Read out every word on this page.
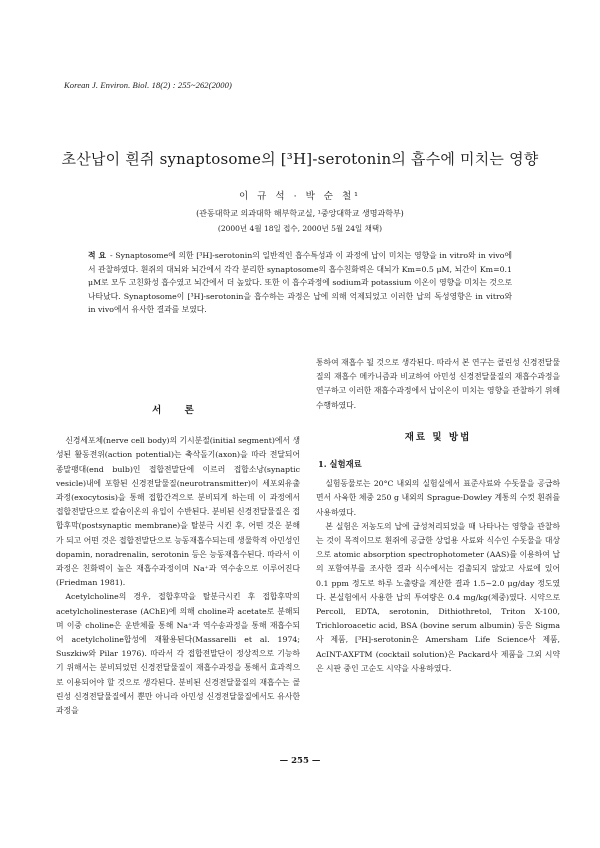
Korean J. Environ. Biol. 18(2) : 255~262(2000)
초산납이 흰쥐 synaptosome의 [³H]-serotonin의 흡수에 미치는 영향
이 규 석 · 박 순 철¹
(관동대학교 의과대학 해부학교실, ¹중앙대학교 생명과학부)
(2000년 4월 18일 접수, 2000년 5월 24일 채택)
적 요 - Synaptosome에 의한 [³H]-serotonin의 일반적인 흡수특성과 이 과정에 납이 미치는 영향을 in vitro와 in vivo에서 관찰하였다. 흰쥐의 대뇌와 뇌간에서 각각 분리한 synaptosome의 흡수친화력은 대뇌가 Km=0.5 μM, 뇌간이 Km=0.1 μM로 모두 고친화성 흡수였고 뇌간에서 더 높았다. 또한 이 흡수과정에 sodium과 potassium 이온이 영향을 미치는 것으로 나타났다. Synaptosome이 [³H]-serotonin을 흡수하는 과정은 납에 의해 억제되었고 이러한 납의 독성영향은 in vitro와 in vivo에서 유사한 결과를 보였다.
서 론

신경세포체(nerve cell body)의 기시분절(initial segment)에서 생성된 활동전위(action potential)는 축삭돌기(axon)을 따라 전달되어 종말팽대(end bulb)인 접합전말단에 이르러 접합소낭(synaptic vesicle)내에 포함된 신경전달물질(neurotransmitter)이 세포외유출과정(exocytosis)을 통해 접합간격으로 분비되게 하는데 이 과정에서 접합전말단으로 칼슘이온의 유입이 수반된다. 분비된 신경전달물질은 접합후막(postsynaptic membrane)을 탈분극 시킨 후, 어떤 것은 분해가 되고 어떤 것은 접합전말단으로 능동재흡수되는데 생물학적 아민성인 dopamin, noradrenalin, serotonin 등은 능동재흡수된다. 따라서 이 과정은 친화력이 높은 재흡수과정이며 Na⁺과 역수송으로 이루어진다(Friedman 1981).

Acetylcholine의 경우, 접합후막을 탈분극시킨 후 접합후막의 acetylcholinesterase (AChE)에 의해 choline과 acetate로 분해되며 이중 choline은 운반체를 통해 Na⁺과 역수송과정을 통해 재흡수되어 acetylcholine합성에 재활용된다(Massarelli et al. 1974; Suszkiw와 Pilar 1976). 따라서 각 접합전말단이 정상적으로 기능하기 위해서는 분비되었던 신경전달물질이 재흡수과정을 통해서 효과적으로 이용되어야 할 것으로 생각된다. 분비된 신경전달물질의 재흡수는 콜린성 신경전달물질에서 뿐만 아니라 아민성 신경전달물질에서도 유사한 과정을

통하여 재흡수 될 것으로 생각된다. 따라서 본 연구는 콜린성 신경전달물질의 재흡수 메카니즘과 비교하여 아민성 신경전달물질의 재흡수과정을 연구하고 이러한 재흡수과정에서 납이온이 미치는 영향을 관찰하기 위해 수행하였다.

재료 및 방법
1. 실험재료

실험동물로는 20°C 내외의 실험실에서 표준사료와 수돗물을 공급하면서 사육한 체중 250 g 내외의 Sprague-Dowley 계통의 수컷 흰쥐를 사용하였다.

본 실험은 저농도의 납에 급성처리되었을 때 나타나는 영향을 관찰하는 것이 목적이므로 흰쥐에 공급한 상업용 사료와 식수인 수돗물을 대상으로 atomic absorption spectrophotometer (AAS)를 이용하여 납의 포함여부를 조사한 결과 식수에서는 검출되지 않았고 사료에 있어 0.1 ppm 정도로 하루 노출량을 계산한 결과 1.5~2.0 μg/day 정도였다. 본실험에서 사용한 납의 투여량은 0.4 mg/kg(체중)였다. 시약으로 Percoll, EDTA, serotonin, Dithiothretol, Triton X-100, Trichloroacetic acid, BSA (bovine serum albumin) 등은 Sigma사 제품, [³H]-serotonin은 Amersham Life Science사 제품, AcINT-AXFTM (cocktail solution)은 Packard사 제품을 그외 시약은 시판 중인 고순도 시약을 사용하였다.

— 255 —
